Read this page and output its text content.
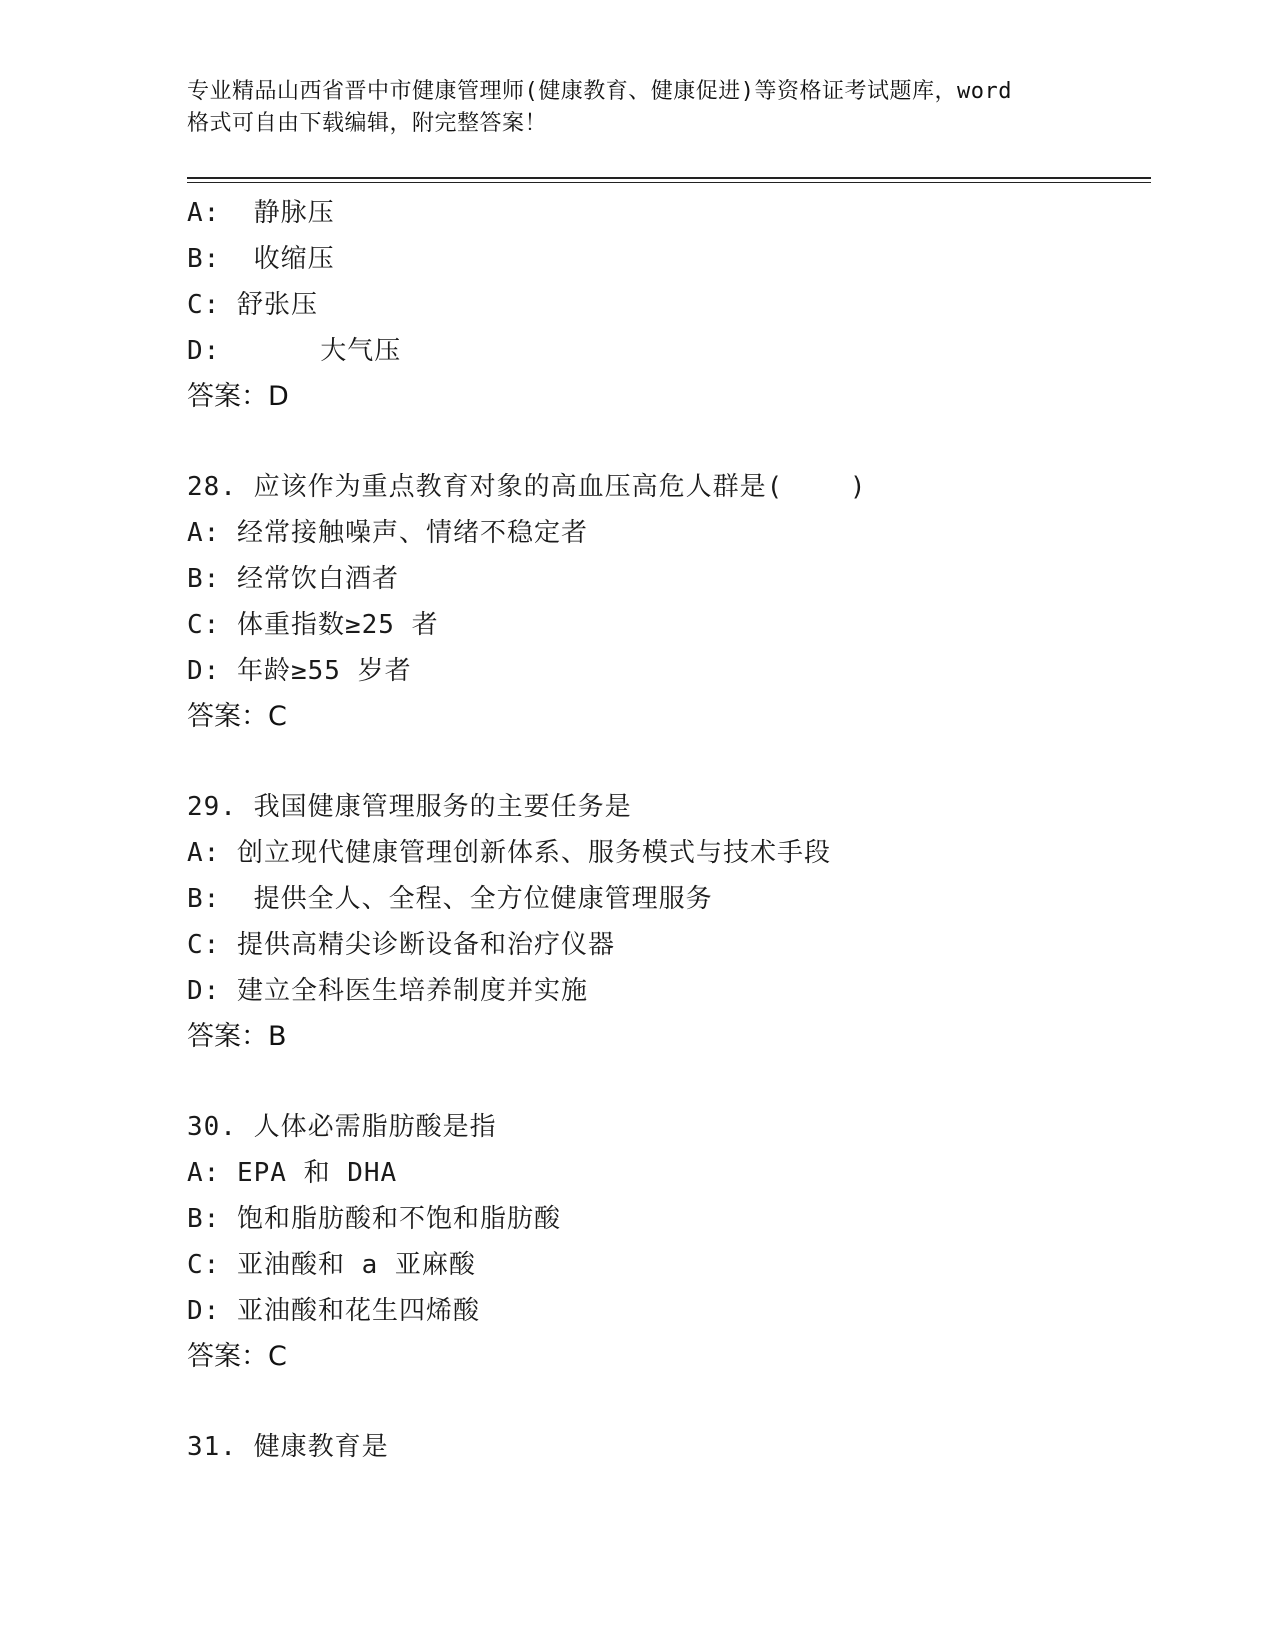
专业精品山西省晋中市健康管理师(健康教育、健康促进)等资格证考试题库，word
格式可自由下载编辑，附完整答案！
A:  静脉压
B:  收缩压
C: 舒张压
D:      大气压
答案：D
28. 应该作为重点教育对象的高血压高危人群是(    )
A: 经常接触噪声、情绪不稳定者
B: 经常饮白酒者
C: 体重指数≥25 者
D: 年龄≥55 岁者
答案：C
29. 我国健康管理服务的主要任务是
A: 创立现代健康管理创新体系、服务模式与技术手段
B:  提供全人、全程、全方位健康管理服务
C: 提供高精尖诊断设备和治疗仪器
D: 建立全科医生培养制度并实施
答案：B
30. 人体必需脂肪酸是指
A: EPA 和 DHA
B: 饱和脂肪酸和不饱和脂肪酸
C: 亚油酸和 a 亚麻酸
D: 亚油酸和花生四烯酸
答案：C
31. 健康教育是
